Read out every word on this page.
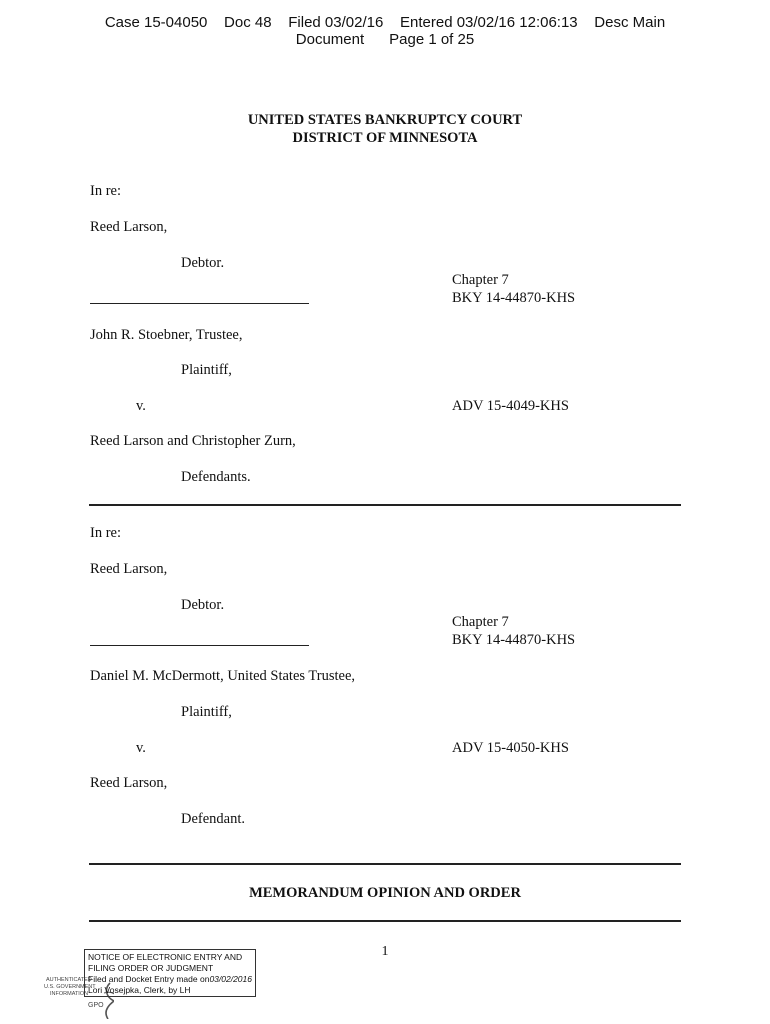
Case 15-04050    Doc 48    Filed 03/02/16    Entered 03/02/16 12:06:13    Desc Main
Document      Page 1 of 25
UNITED STATES BANKRUPTCY COURT
DISTRICT OF MINNESOTA
In re:
Reed Larson,
Debtor.
Chapter 7
BKY 14-44870-KHS
John R. Stoebner, Trustee,
Plaintiff,
v.	ADV 15-4049-KHS
Reed Larson and Christopher Zurn,
Defendants.
In re:
Reed Larson,
Debtor.
Chapter 7
BKY 14-44870-KHS
Daniel M. McDermott, United States Trustee,
Plaintiff,
v.	ADV 15-4050-KHS
Reed Larson,
Defendant.
MEMORANDUM OPINION AND ORDER
1
AUTHENTICATED
U.S. GOVERNMENT
INFORMATION
GPO
NOTICE OF ELECTRONIC ENTRY AND
FILING ORDER OR JUDGMENT
Filed and Docket Entry made on03/02/2016
Lori Vosejpka, Clerk, by LH
